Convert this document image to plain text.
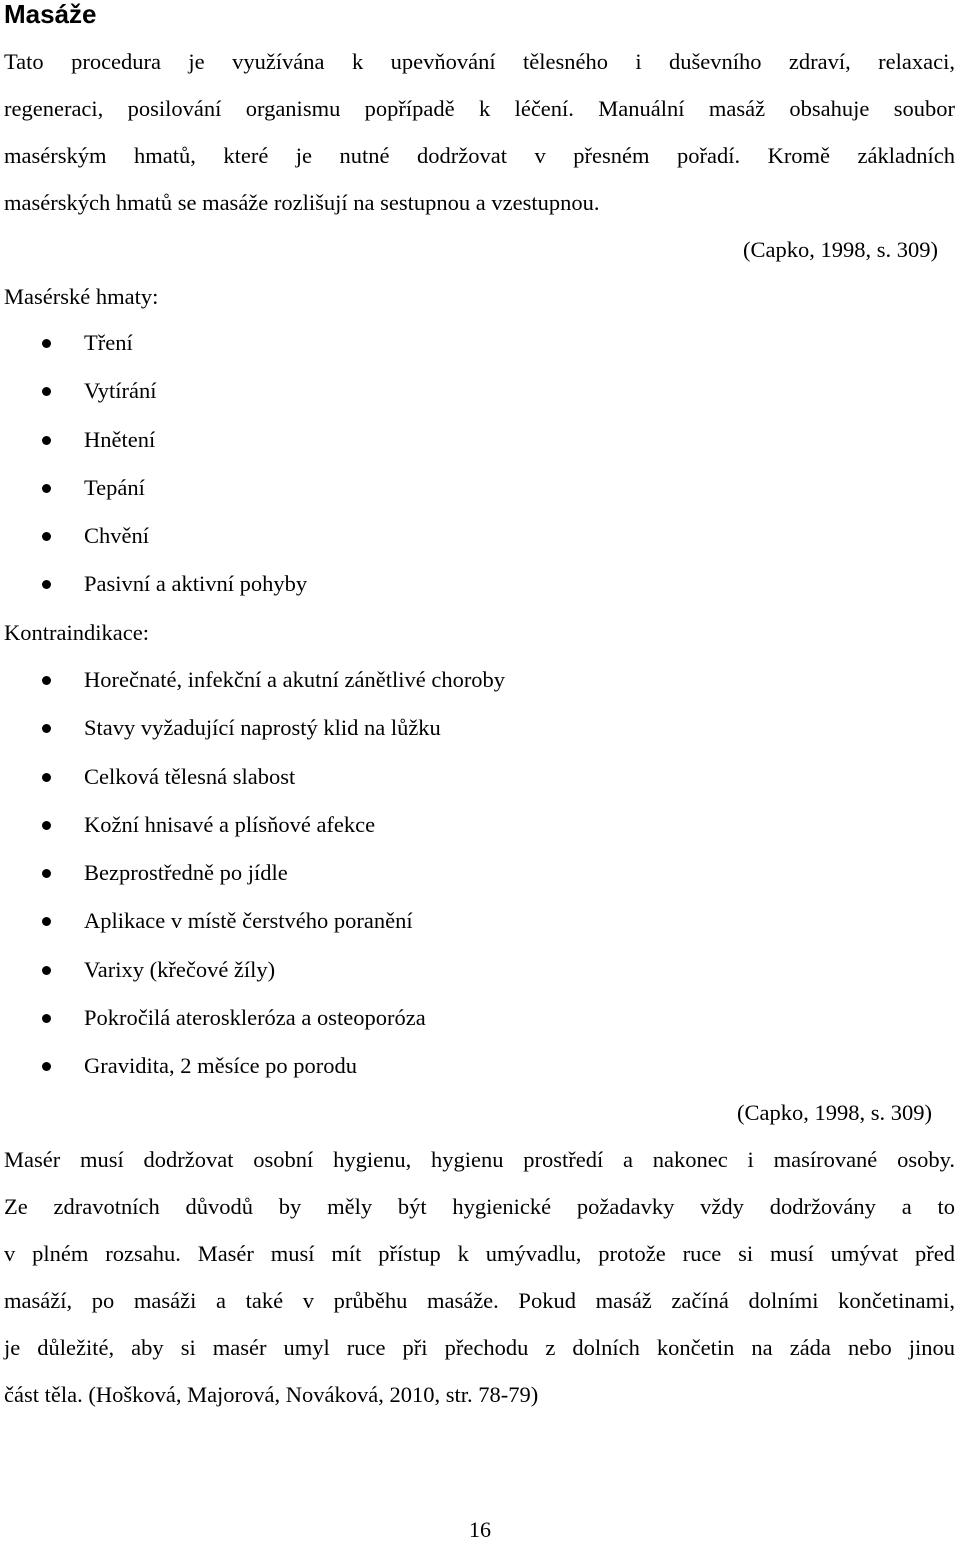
Masáže
Tato procedura je využívána k upevňování tělesného i duševního zdraví, relaxaci,
regeneraci, posilování organismu popřípadě k léčení. Manuální masáž obsahuje soubor
masérským hmatů, které je nutné dodržovat v přesném pořadí. Kromě základních
masérských hmatů se masáže rozlišují na sestupnou a vzestupnou.
(Capko, 1998, s. 309)
Masérské hmaty:
Tření
Vytírání
Hnětení
Tepání
Chvění
Pasivní a aktivní pohyby
Kontraindikace:
Horečnaté, infekční a akutní zánětlivé choroby
Stavy vyžadující naprostý klid na lůžku
Celková tělesná slabost
Kožní hnisavé a plísňové afekce
Bezprostředně po jídle
Aplikace v místě čerstvého poranění
Varixy (křečové žíly)
Pokročilá ateroskleróza a osteoporóza
Gravidita, 2 měsíce po porodu
(Capko, 1998, s. 309)
Masér musí dodržovat osobní hygienu, hygienu prostředí a nakonec i masírované osoby.
Ze zdravotních důvodů by měly být hygienické požadavky vždy dodržovány a to
v plném rozsahu. Masér musí mít přístup k umývadlu, protože ruce si musí umývat před
masáží, po masáži a také v průběhu masáže. Pokud masáž začíná dolními končetinami,
je důležité, aby si masér umyl ruce při přechodu z dolních končetin na záda nebo jinou
část těla. (Hošková, Majorová, Nováková, 2010, str. 78-79)
16
